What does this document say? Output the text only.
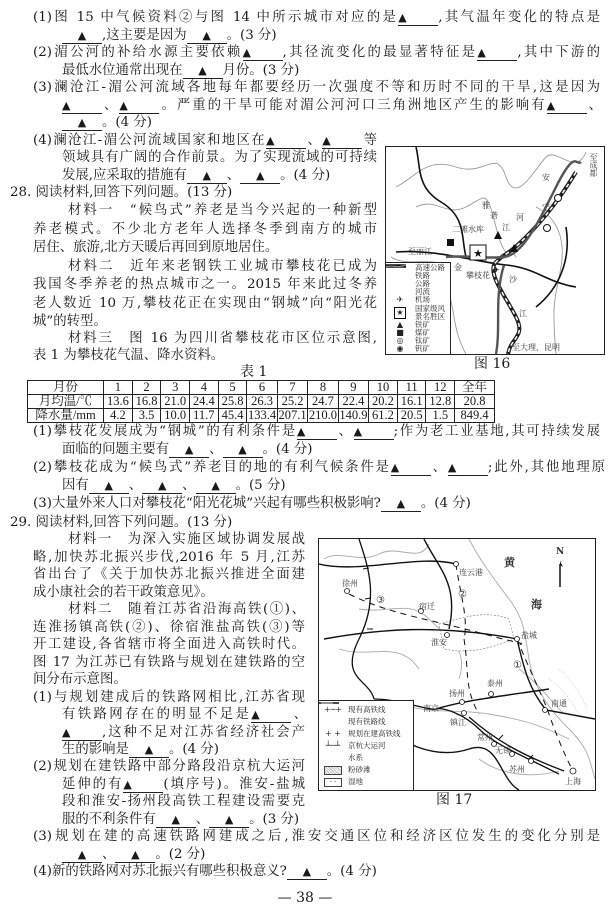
(1)图 15 中气候资料②与图 14 中所示城市对应的是▲ ,其气温年变化的特点是
▲ ,这主要是因为 ▲ 。(3 分)
(2)湄公河的补给水源主要依赖▲ ,其径流变化的最显著特征是▲ ,其中下游的
最低水位通常出现在 ▲ 月份。(3 分)
(3)澜沧江-湄公河流域各地每年都要经历一次强度不等和历时不同的干旱,这是因为
▲ 、▲ 。严重的干旱可能对湄公河河口三角洲地区产生的影响有▲ 、
▲ 。(4 分)
(4)澜沧江-湄公河流域国家和地区在▲ 、▲ 等
领域具有广阔的合作前景。为了实现流域的可持续
发展,应采取的措施有 ▲ 、 ▲ 。(4 分)
28. 阅读材料,回答下列问题。(13 分)
材料一　“候鸟式”养老是当今兴起的一种新型
养老模式。不少北方老年人选择冬季到南方的城市
居住、旅游,北方天暖后再回到原地居住。
材料二　近年来老钢铁工业城市攀枝花已成为
我国冬季养老的热点城市之一。2015 年来此过冬养
老人数近 10 万,攀枝花正在实现由“钢城”向“阳光花
城”的转型。
材料三　图 16 为四川省攀枝花市区位示意图,
表 1 为攀枝花气温、降水资料。
表 1
月份	1	2	3	4	5	6	7	8	9	10	11	12	全年
月均温/℃	13.6	16.8	21.0	24.4	25.8	26.3	25.2	24.7	22.4	20.2	16.1	12.8	20.8
降水量/mm	4.2	3.5	10.0	11.7	45.4	133.4	207.1	210.0	140.9	61.2	20.5	1.5	849.4
(1)攀枝花发展成为“钢城”的有利条件是▲ 、▲ ;作为老工业基地,其可持续发展
面临的问题主要有 ▲ 、 ▲ 。(4 分)
(2)攀枝花成为“候鸟式”养老目的地的有利气候条件是▲ 、▲ ;此外,其他地理原
因有 ▲ 、 ▲ 、 ▲ 。(5 分)
(3)大量外来人口对攀枝花“阳光花城”兴起有哪些积极影响? ▲ 。(4 分)
29. 阅读材料,回答下列问题。(13 分)
材料一　为深入实施区域协调发展战
略,加快苏北振兴步伐,2016 年 5 月,江苏
省出台了《关于加快苏北振兴推进全面建
成小康社会的若干政策意见》。
材料二　随着江苏省沿海高铁(①)、
连淮扬镇高铁(②)、徐宿淮盐高铁(③)等
开工建设,各省辖市将全面进入高铁时代。
图 17 为江苏已有铁路与规划在建铁路的空
间分布示意图。
(1)与规划建成后的铁路网相比,江苏省现
有铁路网存在的明显不足是▲ 、
▲ ,这种不足对江苏省经济社会产
生的影响是 ▲ 。(4 分)
(2)规划在建铁路中部分路段沿京杭大运河
延伸的有▲ (填序号)。淮安-盐城
段和淮安-扬州段高铁工程建设需要克
服的不利条件有 ▲ 、 ▲ 。(3 分)
(3)规划在建的高速铁路网建成之后,淮安交通区位和经济区位发生的变化分别是
▲ 、 ▲ 。(2 分)
(4)新的铁路网对苏北振兴有哪些积极意义? ▲ 。(4 分)
★
✈
至成都
二滩水库
雅
砻
江
安
宁
河
至丽江
金
攀枝花 沙
江
至大理、昆明
高速公路
铁路
公路
河流
✈	机场
★	国家级风景名胜区
▲	铁矿
■	煤矿
◎	钛矿
◉	钒矿
图 16
N
连云港
黄
海
徐州
③
宿迁
②
淮安
盐城
①
泰州
扬州
南京
镇江
南通
常州
无锡
苏州
上海
+─+ 现有高铁线
现有铁路线
+ + 规划在建高铁线
┴─┴	京杭大运河
水系
粉砂滩
- -	湿地
图 17
— 38 —
